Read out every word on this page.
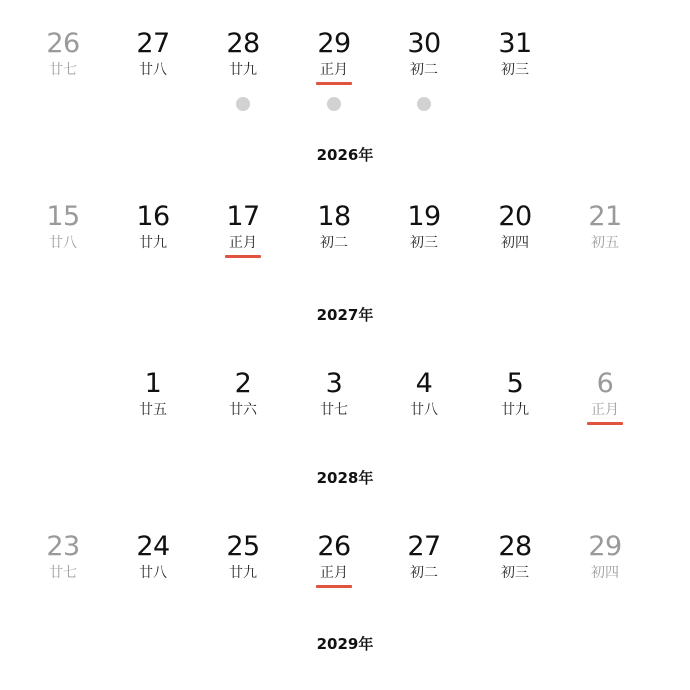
26
廿七
27
廿八
28
廿九
29
正月
30
初二
31
初三
2026年
15
廿八
16
廿九
17
正月
18
初二
19
初三
20
初四
21
初五
2027年
1
廿五
2
廿六
3
廿七
4
廿八
5
廿九
6
正月
2028年
23
廿七
24
廿八
25
廿九
26
正月
27
初二
28
初三
29
初四
2029年
